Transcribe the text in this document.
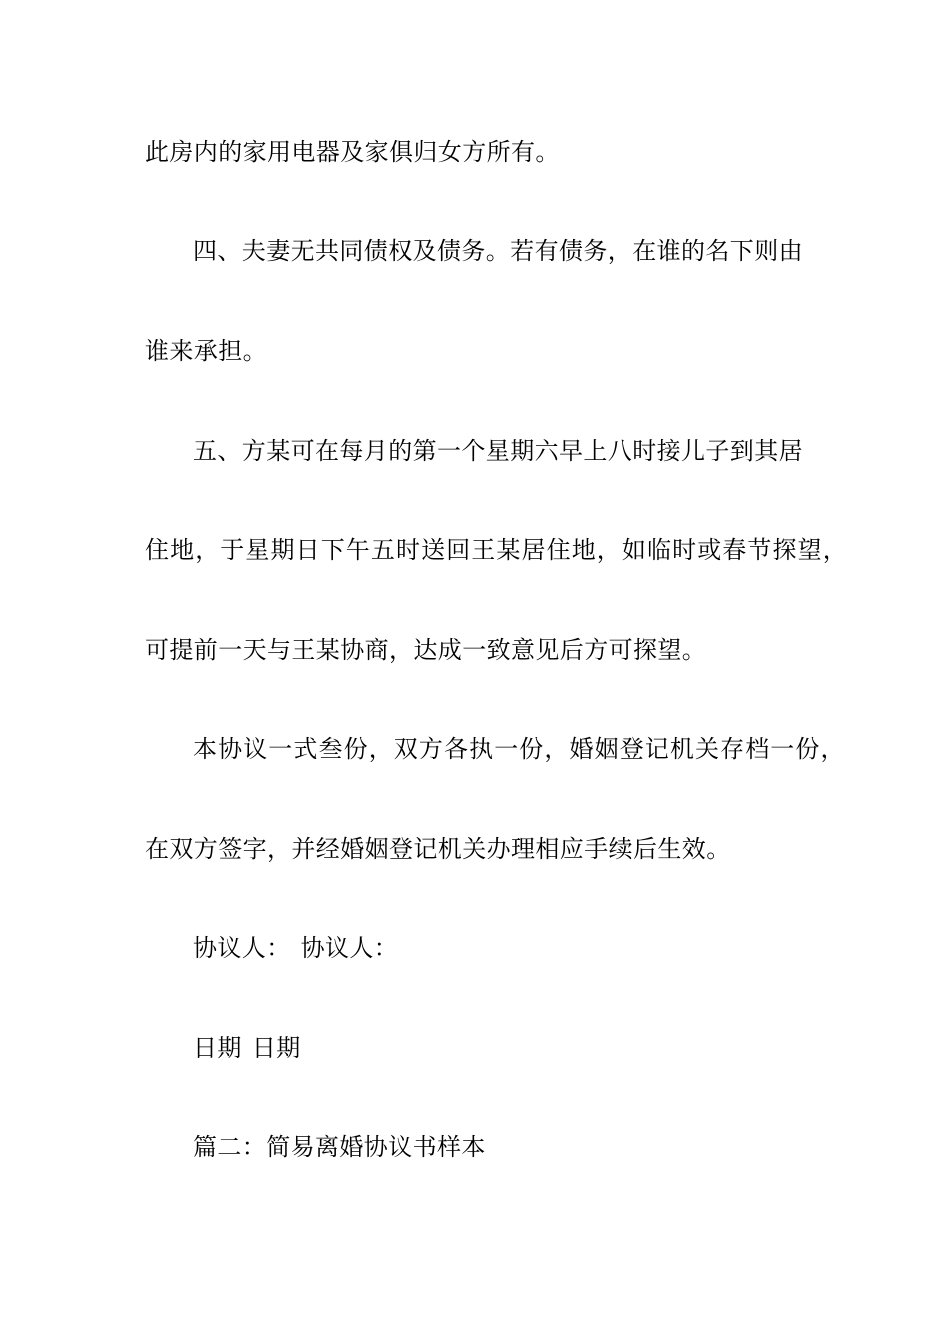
此房内的家用电器及家俱归女方所有。
四、夫妻无共同债权及债务。若有债务，在谁的名下则由
谁来承担。
五、方某可在每月的第一个星期六早上八时接儿子到其居
住地，于星期日下午五时送回王某居住地，如临时或春节探望，
可提前一天与王某协商，达成一致意见后方可探望。
本协议一式叁份，双方各执一份，婚姻登记机关存档一份，
在双方签字，并经婚姻登记机关办理相应手续后生效。
协议人： 协议人：
日期 日期
篇二：简易离婚协议书样本
